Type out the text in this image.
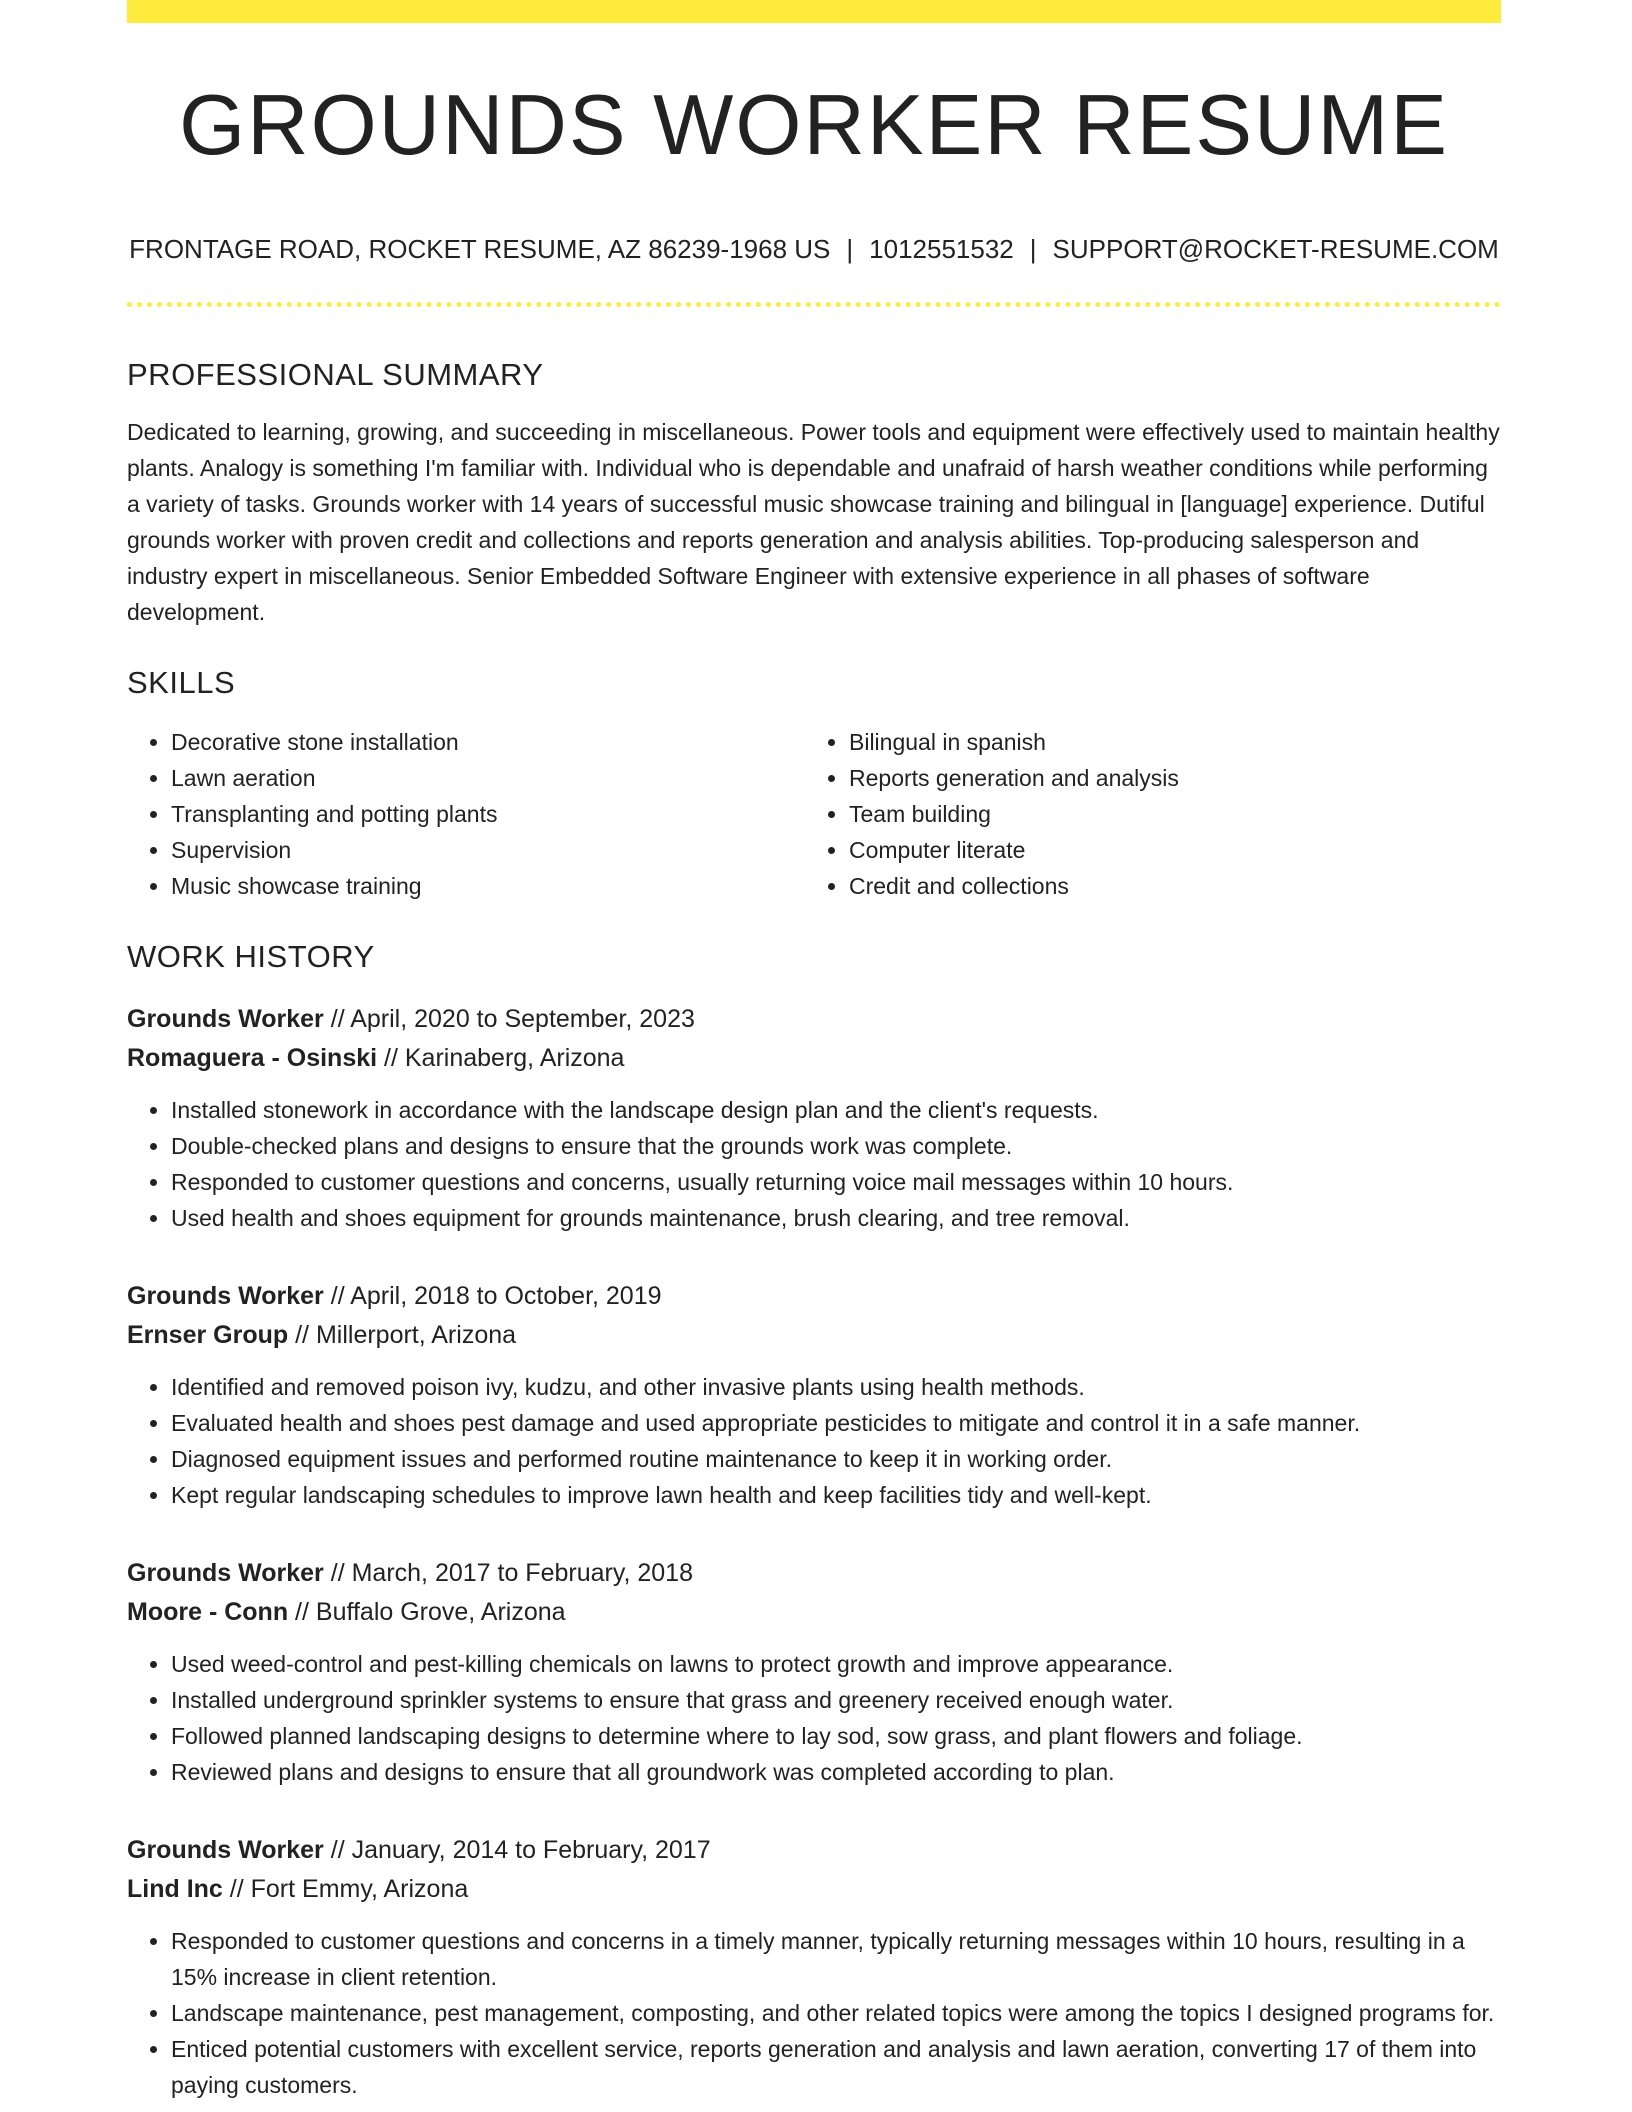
GROUNDS WORKER RESUME
FRONTAGE ROAD, ROCKET RESUME, AZ 86239-1968 US | 1012551532 | SUPPORT@ROCKET-RESUME.COM
PROFESSIONAL SUMMARY

Dedicated to learning, growing, and succeeding in miscellaneous. Power tools and equipment were effectively used to maintain healthy plants. Analogy is something I'm familiar with. Individual who is dependable and unafraid of harsh weather conditions while performing a variety of tasks. Grounds worker with 14 years of successful music showcase training and bilingual in [language] experience. Dutiful grounds worker with proven credit and collections and reports generation and analysis abilities. Top-producing salesperson and industry expert in miscellaneous. Senior Embedded Software Engineer with extensive experience in all phases of software development.

SKILLS
• Decorative stone installation
• Lawn aeration
• Transplanting and potting plants
• Supervision
• Music showcase training
• Bilingual in spanish
• Reports generation and analysis
• Team building
• Computer literate
• Credit and collections
WORK HISTORY
Grounds Worker // April, 2020 to September, 2023
Romaguera - Osinski // Karinaberg, Arizona
• Installed stonework in accordance with the landscape design plan and the client's requests.
• Double-checked plans and designs to ensure that the grounds work was complete.
• Responded to customer questions and concerns, usually returning voice mail messages within 10 hours.
• Used health and shoes equipment for grounds maintenance, brush clearing, and tree removal.
Grounds Worker // April, 2018 to October, 2019
Ernser Group // Millerport, Arizona
• Identified and removed poison ivy, kudzu, and other invasive plants using health methods.
• Evaluated health and shoes pest damage and used appropriate pesticides to mitigate and control it in a safe manner.
• Diagnosed equipment issues and performed routine maintenance to keep it in working order.
• Kept regular landscaping schedules to improve lawn health and keep facilities tidy and well-kept.
Grounds Worker // March, 2017 to February, 2018
Moore - Conn // Buffalo Grove, Arizona
• Used weed-control and pest-killing chemicals on lawns to protect growth and improve appearance.
• Installed underground sprinkler systems to ensure that grass and greenery received enough water.
• Followed planned landscaping designs to determine where to lay sod, sow grass, and plant flowers and foliage.
• Reviewed plans and designs to ensure that all groundwork was completed according to plan.
Grounds Worker // January, 2014 to February, 2017
Lind Inc // Fort Emmy, Arizona
• Responded to customer questions and concerns in a timely manner, typically returning messages within 10 hours, resulting in a 15% increase in client retention.
• Landscape maintenance, pest management, composting, and other related topics were among the topics I designed programs for.
• Enticed potential customers with excellent service, reports generation and analysis and lawn aeration, converting 17 of them into paying customers.
